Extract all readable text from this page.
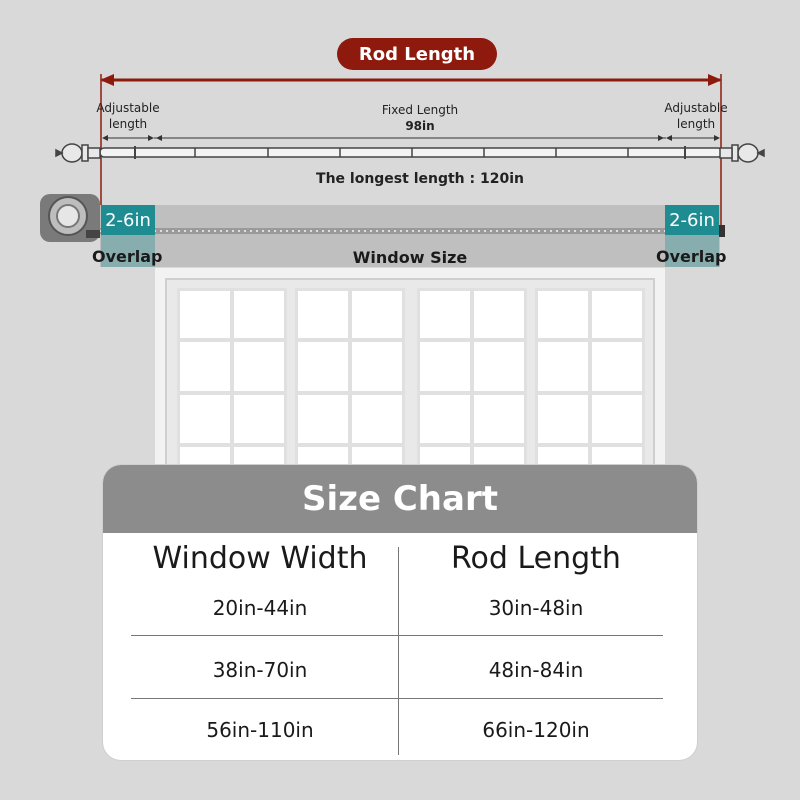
Rod Length
Adjustable
length
Adjustable
length
Fixed Length
98in
The longest length : 120in
2-6in	2-6in
Overlap	Overlap
Window Size
Size Chart
Window Width	Rod Length
20in-44in	30in-48in
38in-70in	48in-84in
56in-110in	66in-120in
